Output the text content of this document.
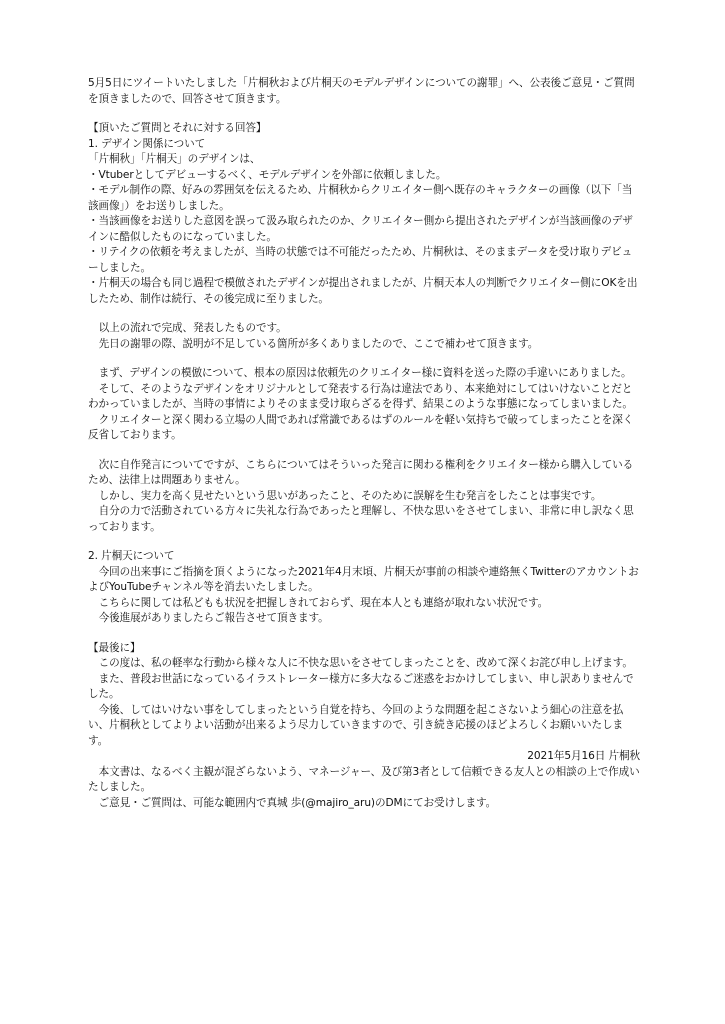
5月5日にツイートいたしました「片桐秋および片桐天のモデルデザインについての謝罪」へ、公表後ご意見・ご質問を頂きましたので、回答させて頂きます。

【頂いたご質問とそれに対する回答】

1. デザイン関係について

「片桐秋」「片桐天」のデザインは、

・Vtuberとしてデビューするべく、モデルデザインを外部に依頼しました。

・モデル制作の際、好みの雰囲気を伝えるため、片桐秋からクリエイター側へ既存のキャラクターの画像（以下「当該画像」）をお送りしました。

・当該画像をお送りした意図を誤って汲み取られたのか、クリエイター側から提出されたデザインが当該画像のデザインに酷似したものになっていました。

・リテイクの依頼を考えましたが、当時の状態では不可能だったため、片桐秋は、そのままデータを受け取りデビューしました。

・片桐天の場合も同じ過程で模倣されたデザインが提出されましたが、片桐天本人の判断でクリエイター側にOKを出したため、制作は続行、その後完成に至りました。

以上の流れで完成、発表したものです。

先日の謝罪の際、説明が不足している箇所が多くありましたので、ここで補わせて頂きます。

まず、デザインの模倣について、根本の原因は依頼先のクリエイター様に資料を送った際の手違いにありました。

そして、そのようなデザインをオリジナルとして発表する行為は違法であり、本来絶対にしてはいけないことだとわかっていましたが、当時の事情によりそのまま受け取らざるを得ず、結果このような事態になってしまいました。

クリエイターと深く関わる立場の人間であれば常識であるはずのルールを軽い気持ちで破ってしまったことを深く反省しております。

次に自作発言についてですが、こちらについてはそういった発言に関わる権利をクリエイター様から購入しているため、法律上は問題ありません。

しかし、実力を高く見せたいという思いがあったこと、そのために誤解を生む発言をしたことは事実です。

自分の力で活動されている方々に失礼な行為であったと理解し、不快な思いをさせてしまい、非常に申し訳なく思っております。

2. 片桐天について

今回の出来事にご指摘を頂くようになった2021年4月末頃、片桐天が事前の相談や連絡無くTwitterのアカウントおよびYouTubeチャンネル等を消去いたしました。

こちらに関しては私どもも状況を把握しきれておらず、現在本人とも連絡が取れない状況です。

今後進展がありましたらご報告させて頂きます。

【最後に】

この度は、私の軽率な行動から様々な人に不快な思いをさせてしまったことを、改めて深くお詫び申し上げます。

また、普段お世話になっているイラストレーター様方に多大なるご迷惑をおかけしてしまい、申し訳ありませんでした。

今後、してはいけない事をしてしまったという自覚を持ち、今回のような問題を起こさないよう細心の注意を払い、片桐秋としてよりよい活動が出来るよう尽力していきますので、引き続き応援のほどよろしくお願いいたします。

2021年5月16日 片桐秋

本文書は、なるべく主観が混ざらないよう、マネージャー、及び第3者として信頼できる友人との相談の上で作成いたしました。

ご意見・ご質問は、可能な範囲内で真城 歩(@majiro_aru)のDMにてお受けします。
